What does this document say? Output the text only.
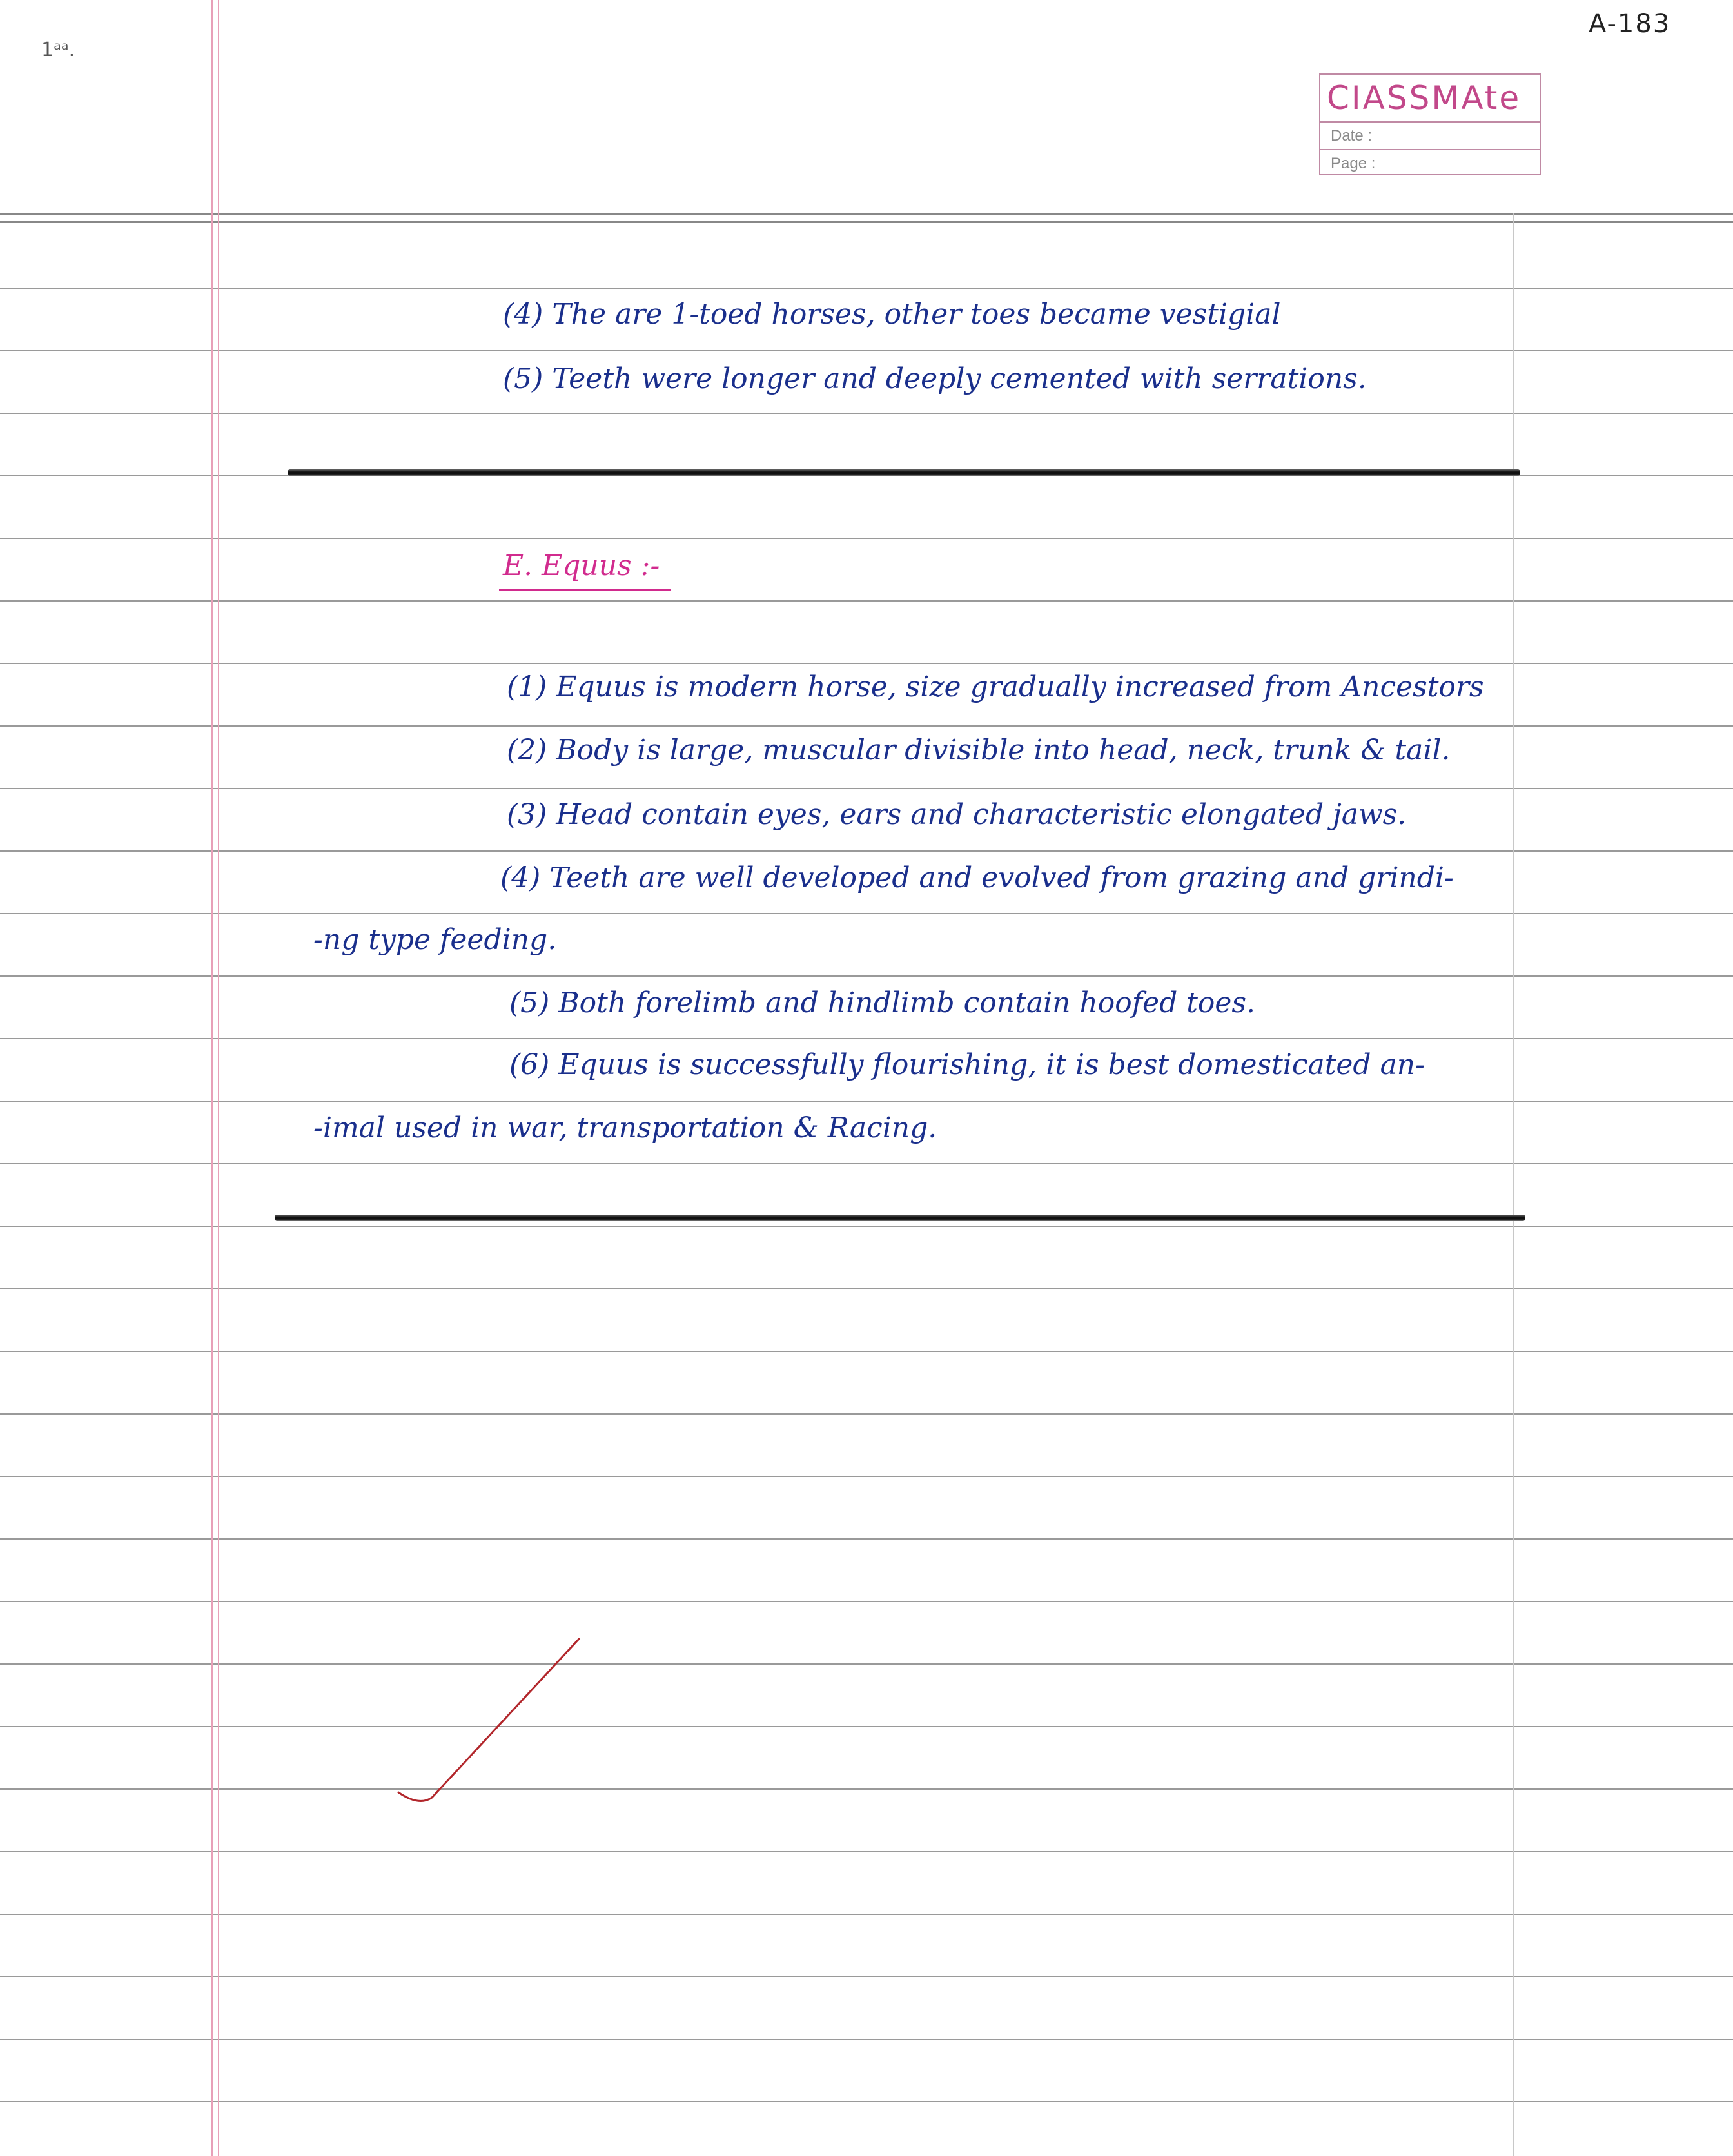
1ᵃᵃ.
A-183
CIASSMAte
Date :
Page :
(4) The are 1-toed horses, other toes became vestigial
(5) Teeth were longer and deeply cemented with serrations.
E. Equus :-
(1) Equus is modern horse, size gradually increased from Ancestors
(2) Body is large, muscular divisible into head, neck, trunk & tail.
(3) Head contain eyes, ears and characteristic elongated jaws.
(4) Teeth are well developed and evolved from grazing and grindi-
-ng type feeding.
(5) Both forelimb and hindlimb contain hoofed toes.
(6) Equus is successfully flourishing, it is best domesticated an-
-imal used in war, transportation & Racing.
